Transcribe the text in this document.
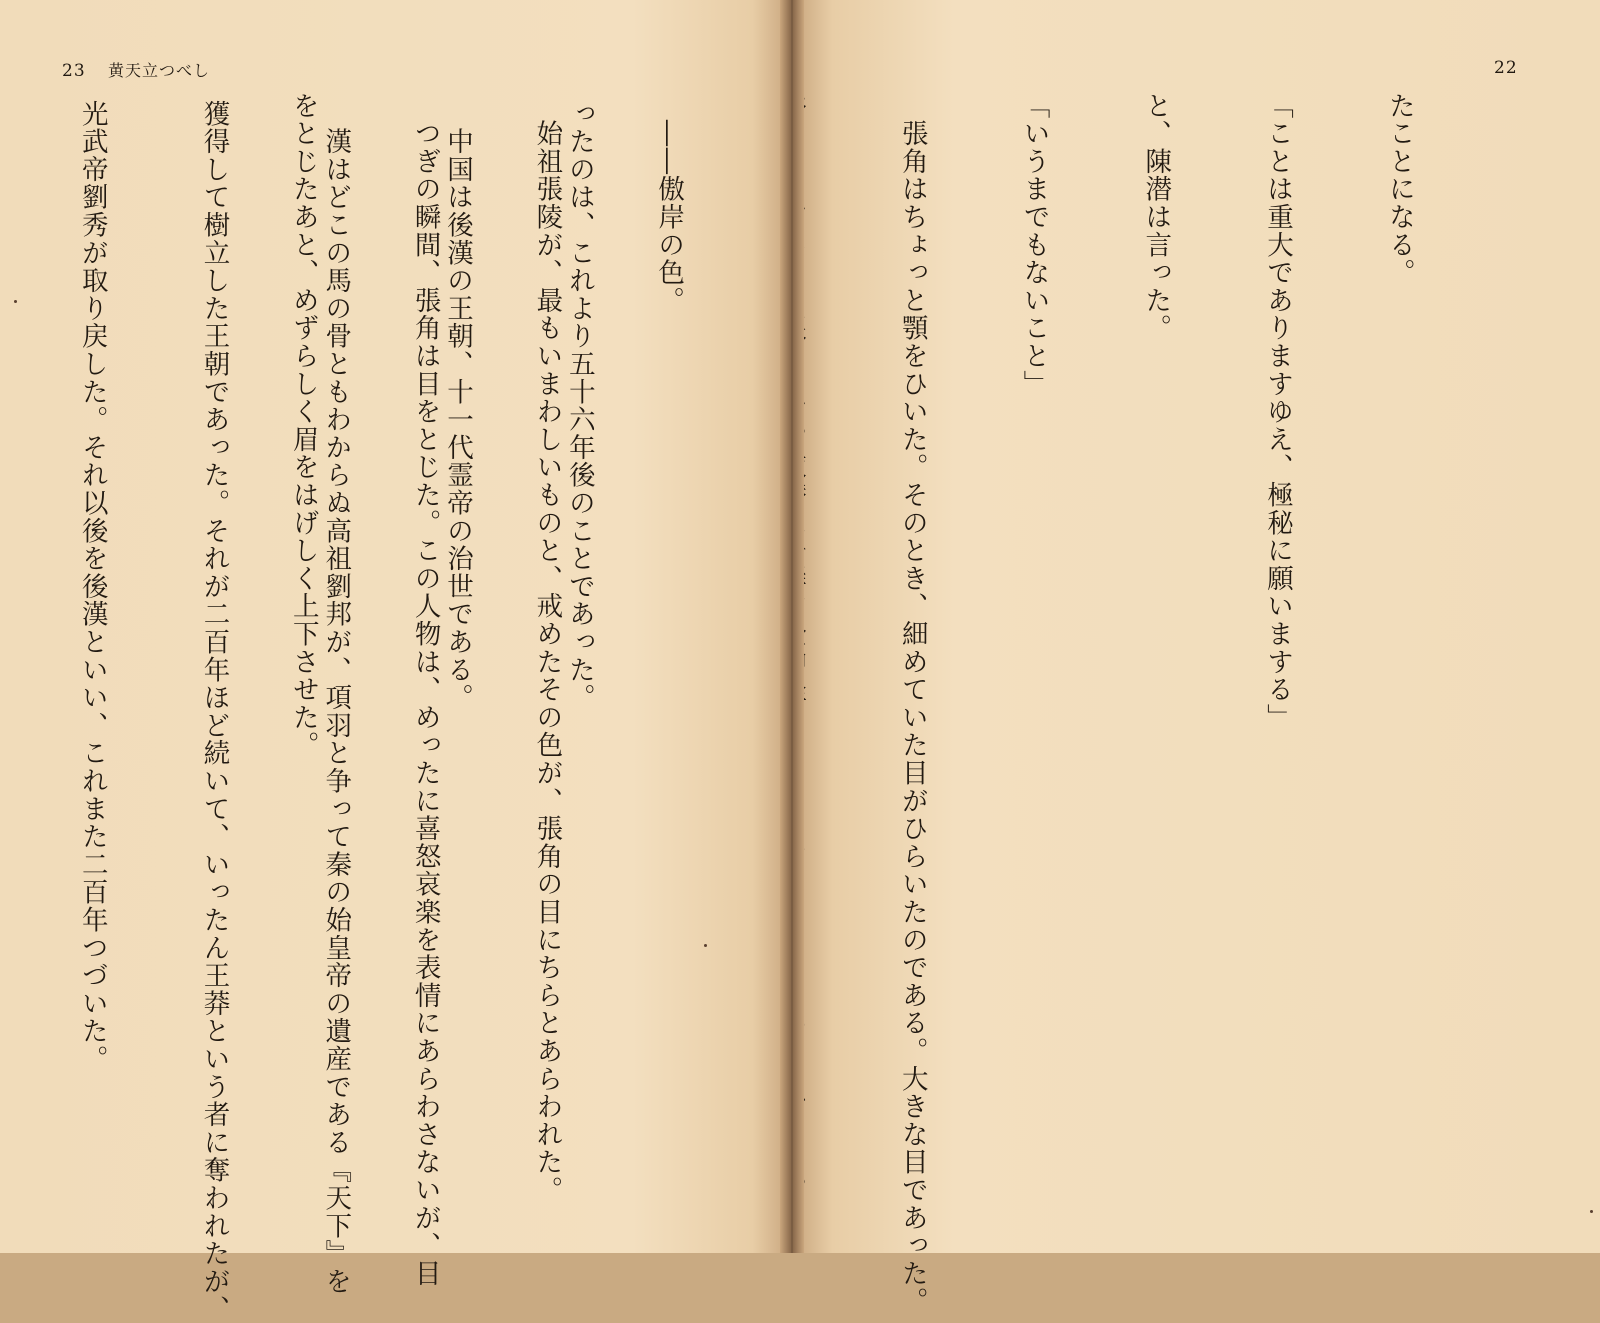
23 黄天立つべし

ったのは、これより五十六年後のことであった。

　中国は後漢の王朝、十一代霊帝の治世である。

　漢はどこの馬の骨ともわからぬ高祖劉邦が、項羽と争って秦の始皇帝の遺産である『天下』を

獲得して樹立した王朝であった。それが二百年ほど続いて、いったん王莽という者に奪われたが、

光武帝劉秀が取り戻した。それ以後を後漢といい、これまた二百年つづいた。

22

たことになる。

「ことは重大でありますゆえ、極秘に願いまする」

と、陳潜は言った。

「いうまでもないこと」

　張角はちょっと顎をひいた。そのとき、細めていた目がひらいたのである。大きな目であった。

　――傲岸の色。

　始祖張陵が、最もいまわしいものと、戒めたその色が、張角の目にちらとあらわれた。

　つぎの瞬間、張角は目をとじた。この人物は、めったに喜怒哀楽を表情にあらわさないが、目

をとじたあと、めずらしく眉をはげしく上下させた。
